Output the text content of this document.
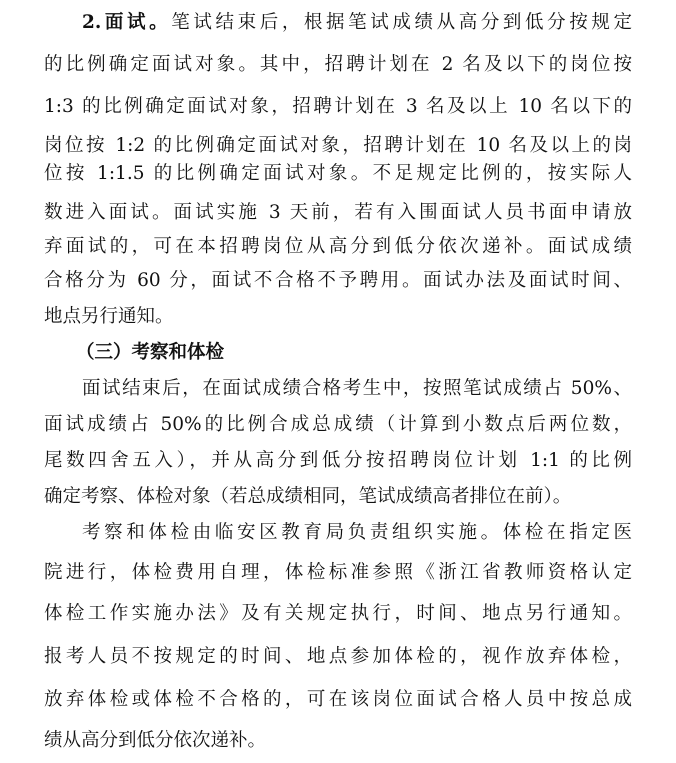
2.面试。笔试结束后，根据笔试成绩从高分到低分按规定
的比例确定面试对象。其中，招聘计划在 2 名及以下的岗位按
1:3 的比例确定面试对象，招聘计划在 3 名及以上 10 名以下的
岗位按 1:2 的比例确定面试对象，招聘计划在 10 名及以上的岗
位按 1:1.5 的比例确定面试对象。不足规定比例的，按实际人
数进入面试。面试实施 3 天前，若有入围面试人员书面申请放
弃面试的，可在本招聘岗位从高分到低分依次递补。面试成绩
合格分为 60 分，面试不合格不予聘用。面试办法及面试时间、
地点另行通知。
（三）考察和体检
面试结束后，在面试成绩合格考生中，按照笔试成绩占 50%、
面试成绩占 50%的比例合成总成绩（计算到小数点后两位数，
尾数四舍五入），并从高分到低分按招聘岗位计划 1:1 的比例
确定考察、体检对象（若总成绩相同，笔试成绩高者排位在前）。
考察和体检由临安区教育局负责组织实施。体检在指定医
院进行，体检费用自理，体检标准参照《浙江省教师资格认定
体检工作实施办法》及有关规定执行，时间、地点另行通知。
报考人员不按规定的时间、地点参加体检的，视作放弃体检，
放弃体检或体检不合格的，可在该岗位面试合格人员中按总成
绩从高分到低分依次递补。
